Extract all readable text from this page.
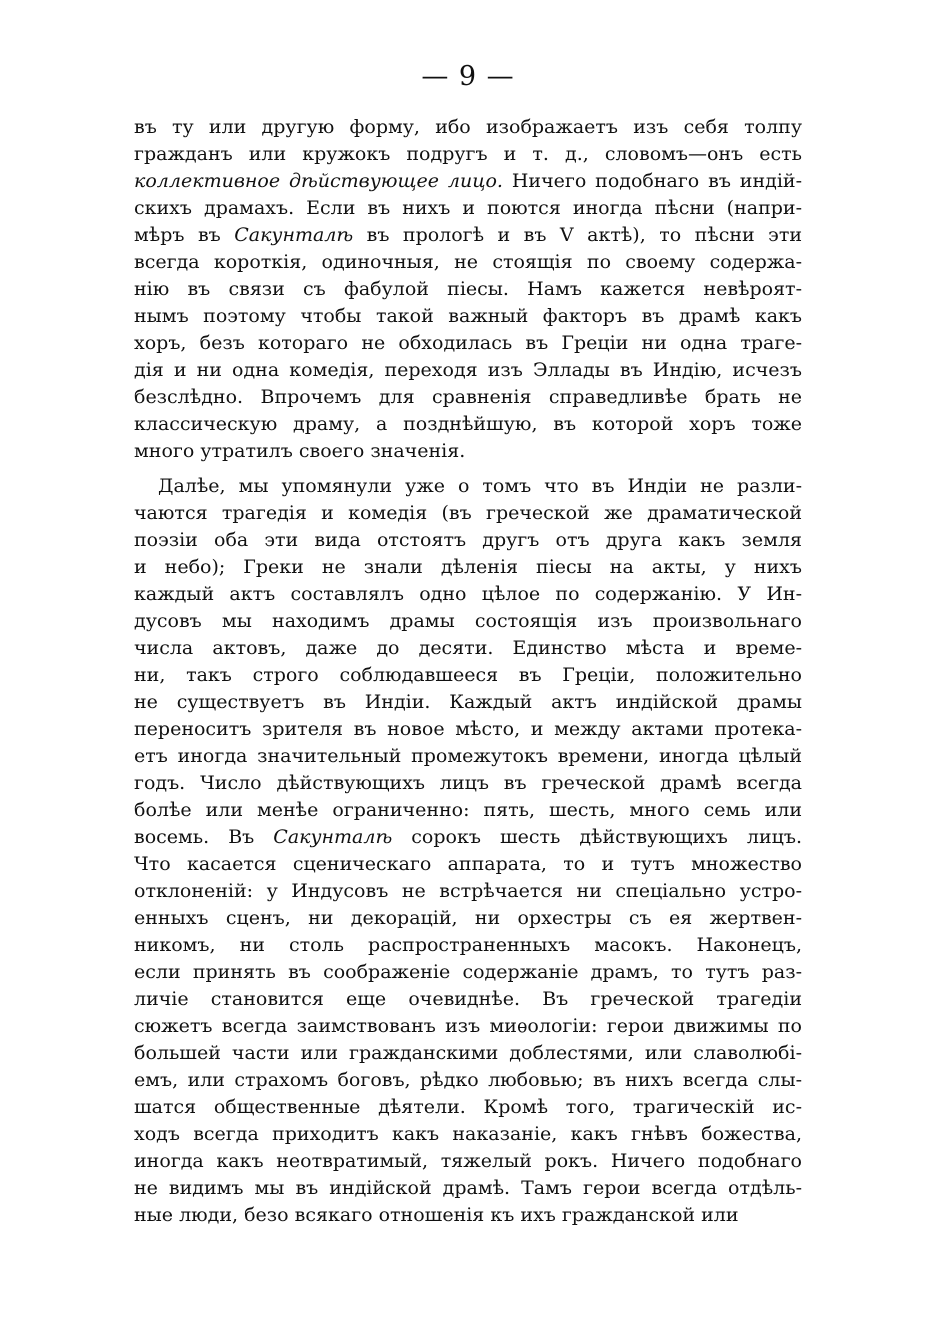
— 9 —
въ ту или другую форму, ибо изображаетъ изъ себя толпу
гражданъ или кружокъ подругъ и т. д., словомъ—онъ есть
коллективное дѣйствующее лицо. Ничего подобнаго въ индій-
скихъ драмахъ. Если въ нихъ и поются иногда пѣсни (напри-
мѣръ въ Сакунталѣ въ прологѣ и въ V актѣ), то пѣсни эти
всегда короткія, одиночныя, не стоящія по своему содержа-
нію въ связи съ фабулой піесы. Намъ кажется невѣроят-
нымъ поэтому чтобы такой важный факторъ въ драмѣ какъ
хоръ, безъ котораго не обходилась въ Греціи ни одна траге-
дія и ни одна комедія, переходя изъ Эллады въ Индію, исчезъ
безслѣдно. Впрочемъ для сравненія справедливѣе брать не
классическую драму, а позднѣйшую, въ которой хоръ тоже
много утратилъ своего значенія.
Далѣе, мы упомянули уже о томъ что въ Индіи не разли-
чаются трагедія и комедія (въ греческой же драматической
поэзіи оба эти вида отстоятъ другъ отъ друга какъ земля
и небо); Греки не знали дѣленія піесы на акты, у нихъ
каждый актъ составлялъ одно цѣлое по содержанію. У Ин-
дусовъ мы находимъ драмы состоящія изъ произвольнаго
числа актовъ, даже до десяти. Единство мѣста и време-
ни, такъ строго соблюдавшееся въ Греціи, положительно
не существуетъ въ Индіи. Каждый актъ индійской драмы
переноситъ зрителя въ новое мѣсто, и между актами протека-
етъ иногда значительный промежутокъ времени, иногда цѣлый
годъ. Число дѣйствующихъ лицъ въ греческой драмѣ всегда
болѣе или менѣе ограниченно: пять, шесть, много семь или
восемь. Въ Сакунталѣ сорокъ шесть дѣйствующихъ лицъ.
Что касается сценическаго аппарата, то и тутъ множество
отклоненій: у Индусовъ не встрѣчается ни спеціально устро-
енныхъ сценъ, ни декорацій, ни орхестры съ ея жертвен-
никомъ, ни столь распространенныхъ масокъ. Наконецъ,
если принять въ соображеніе содержаніе драмъ, то тутъ раз-
личіе становится еще очевиднѣе. Въ греческой трагедіи
сюжетъ всегда заимствованъ изъ миѳологіи: герои движимы по
большей части или гражданскими доблестями, или славолюбі-
емъ, или страхомъ боговъ, рѣдко любовью; въ нихъ всегда слы-
шатся общественные дѣятели. Кромѣ того, трагическій ис-
ходъ всегда приходитъ какъ наказаніе, какъ гнѣвъ божества,
иногда какъ неотвратимый, тяжелый рокъ. Ничего подобнаго
не видимъ мы въ индійской драмѣ. Тамъ герои всегда отдѣль-
ные люди, безо всякаго отношенія къ ихъ гражданской или
